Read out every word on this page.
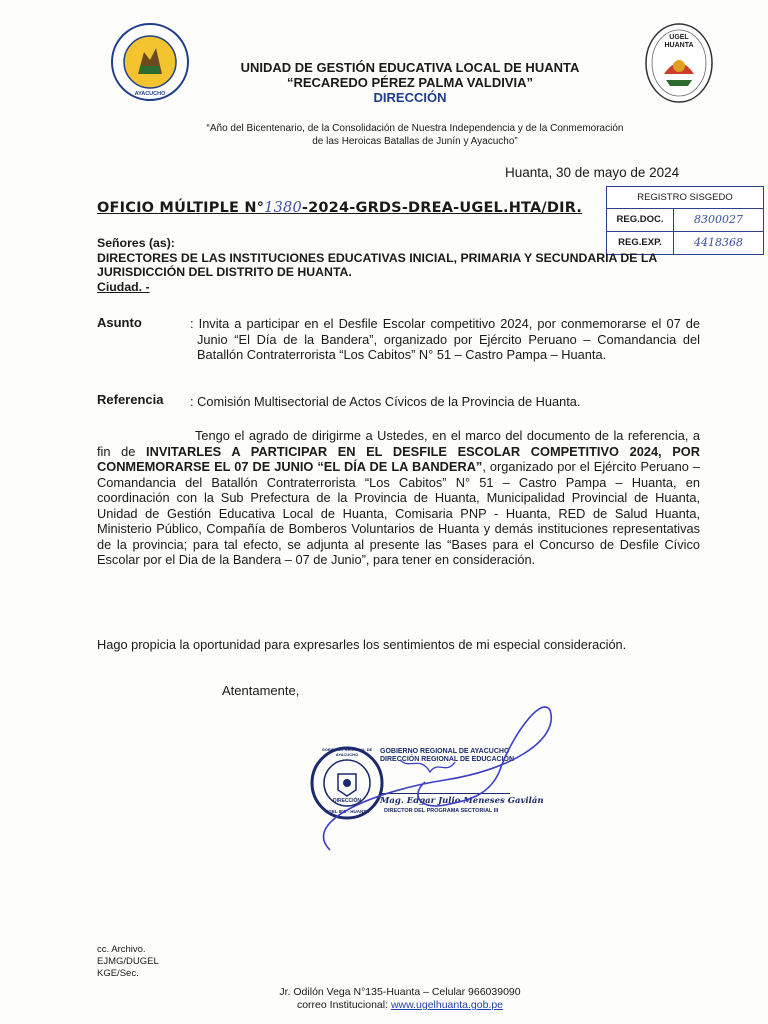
AYACUCHO
UNIDAD DE GESTIÓN EDUCATIVA LOCAL DE HUANTA
“RECAREDO PÉREZ PALMA VALDIVIA”
DIRECCIÓN
UGEL
HUANTA
“Año del Bicentenario, de la Consolidación de Nuestra Independencia y de la Conmemoración
de las Heroicas Batallas de Junín y Ayacucho”
Huanta, 30 de mayo de 2024
OFICIO MÚLTIPLE N°1380-2024-GRDS-DREA-UGEL.HTA/DIR.
REGISTRO SISGEDO
REG.DOC.	8300027
REG.EXP.	4418368
Señores (as):
DIRECTORES DE LAS INSTITUCIONES EDUCATIVAS INICIAL, PRIMARIA Y SECUNDARIA DE LA
JURISDICCIÓN DEL DISTRITO DE HUANTA.
Ciudad. -
Asunto	: Invita a participar en el Desfile Escolar competitivo 2024, por conmemorarse el 07 de Junio “El Día de la Bandera”, organizado por Ejército Peruano – Comandancia del Batallón Contraterrorista “Los Cabitos” N° 51 – Castro Pampa – Huanta.
Referencia : Comisión Multisectorial de Actos Cívicos de la Provincia de Huanta.
Tengo el agrado de dirigirme a Ustedes, en el marco del documento de la referencia, a fin de INVITARLES A PARTICIPAR EN EL DESFILE ESCOLAR COMPETITIVO 2024, POR CONMEMORARSE EL 07 DE JUNIO “EL DÍA DE LA BANDERA”, organizado por el Ejército Peruano – Comandancia del Batallón Contraterrorista “Los Cabitos” N° 51 – Castro Pampa – Huanta, en coordinación con la Sub Prefectura de la Provincia de Huanta, Municipalidad Provincial de Huanta, Unidad de Gestión Educativa Local de Huanta, Comisaria PNP - Huanta, RED de Salud Huanta, Ministerio Público, Compañía de Bomberos Voluntarios de Huanta y demás instituciones representativas de la provincia; para tal efecto, se adjunta al presente las “Bases para el Concurso de Desfile Cívico Escolar por el Dia de la Bandera – 07 de Junio”, para tener en consideración.
Hago propicia la oportunidad para expresarles los sentimientos de mi especial consideración.
Atentamente,
GOBIERNO REGIONAL DE AYACUCHO
DIRECCIÓN
UGEL 805 - HUANTA
GOBIERNO REGIONAL DE AYACUCHO
DIRECCIÓN REGIONAL DE EDUCACIÓN
Mag. Edgar Julio Meneses Gavilán
DIRECTOR DEL PROGRAMA SECTORIAL III
cc. Archivo.
EJMG/DUGEL
KGE/Sec.
Jr. Odilón Vega N°135-Huanta – Celular 966039090
correo Institucional: www.ugelhuanta.gob.pe
